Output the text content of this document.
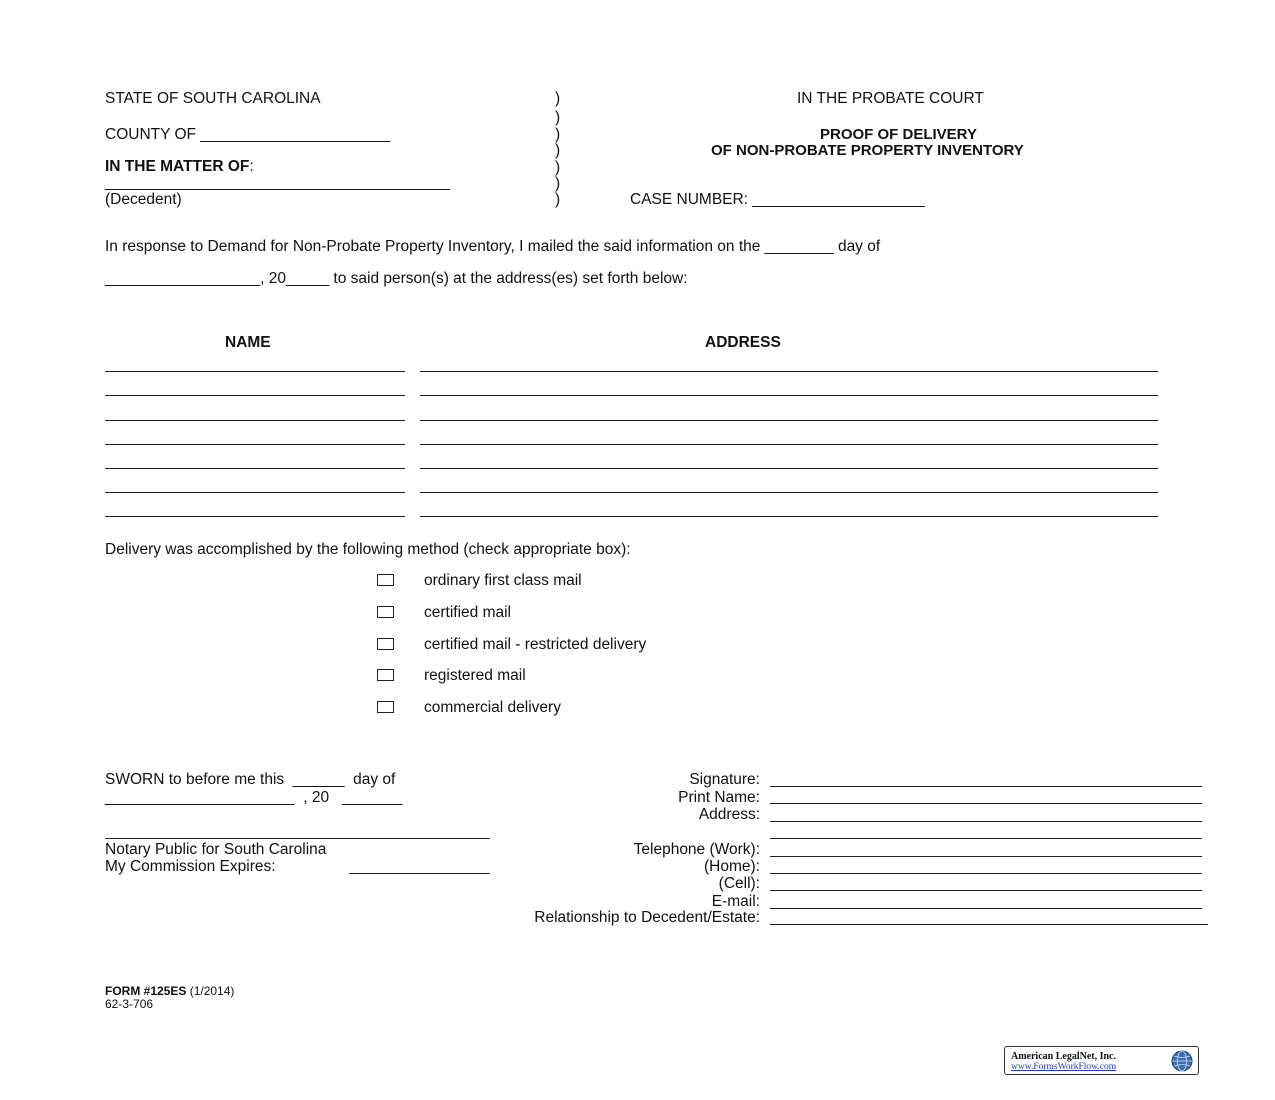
STATE OF SOUTH CAROLINA
COUNTY OF ______________________
IN THE MATTER OF:
________________________________________
(Decedent)
)
)
)
)
)
)
)
IN THE PROBATE COURT
PROOF OF DELIVERY
OF NON-PROBATE PROPERTY INVENTORY
CASE NUMBER: ____________________
In response to Demand for Non-Probate Property Inventory, I mailed the said information on the ________ day of
__________________, 20_____ to said person(s) at the address(es) set forth below:
NAME	ADDRESS
Delivery was accomplished by the following method (check appropriate box):
ordinary first class mail
certified mail
certified mail - restricted delivery
registered mail
commercial delivery
SWORN to before me this  ______  day of
______________________  , 20   _______
Notary Public for South Carolina
My Commission Expires:
Signature:
Print Name:
Address:
Telephone (Work):
(Home):
(Cell):
E-mail:
Relationship to Decedent/Estate:
FORM #125ES (1/2014)
62-3-706
American LegalNet, Inc.
www.FormsWorkFlow.com
